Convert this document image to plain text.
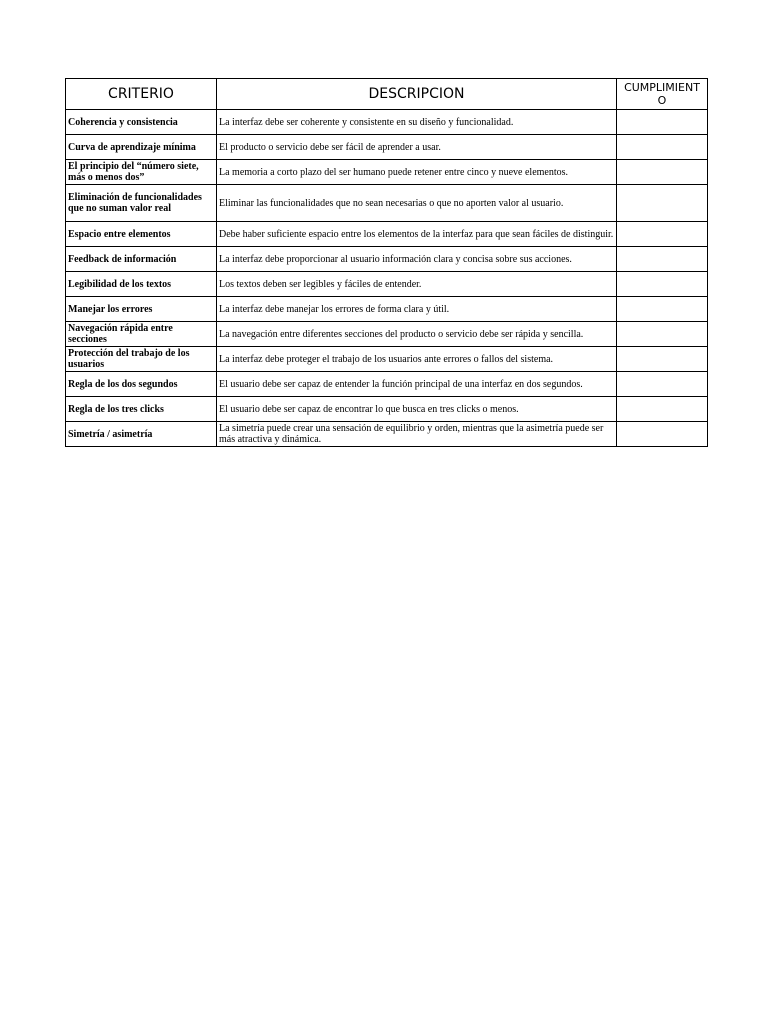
CRITERIO	DESCRIPCION	CUMPLIMIENTO
Coherencia y consistencia	La interfaz debe ser coherente y consistente en su diseño y funcionalidad.	
Curva de aprendizaje mínima	El producto o servicio debe ser fácil de aprender a usar.	
El principio del “número siete, más o menos dos”	La memoria a corto plazo del ser humano puede retener entre cinco y nueve elementos.	
Eliminación de funcionalidades que no suman valor real	Eliminar las funcionalidades que no sean necesarias o que no aporten valor al usuario.	
Espacio entre elementos	Debe haber suficiente espacio entre los elementos de la interfaz para que sean fáciles de distinguir.	
Feedback de información	La interfaz debe proporcionar al usuario información clara y concisa sobre sus acciones.	
Legibilidad de los textos	Los textos deben ser legibles y fáciles de entender.	
Manejar los errores	La interfaz debe manejar los errores de forma clara y útil.	
Navegación rápida entre secciones	La navegación entre diferentes secciones del producto o servicio debe ser rápida y sencilla.	
Protección del trabajo de los usuarios	La interfaz debe proteger el trabajo de los usuarios ante errores o fallos del sistema.	
Regla de los dos segundos	El usuario debe ser capaz de entender la función principal de una interfaz en dos segundos.	
Regla de los tres clicks	El usuario debe ser capaz de encontrar lo que busca en tres clicks o menos.	
Simetría / asimetría	La simetría puede crear una sensación de equilibrio y orden, mientras que la asimetría puede ser más atractiva y dinámica.	
